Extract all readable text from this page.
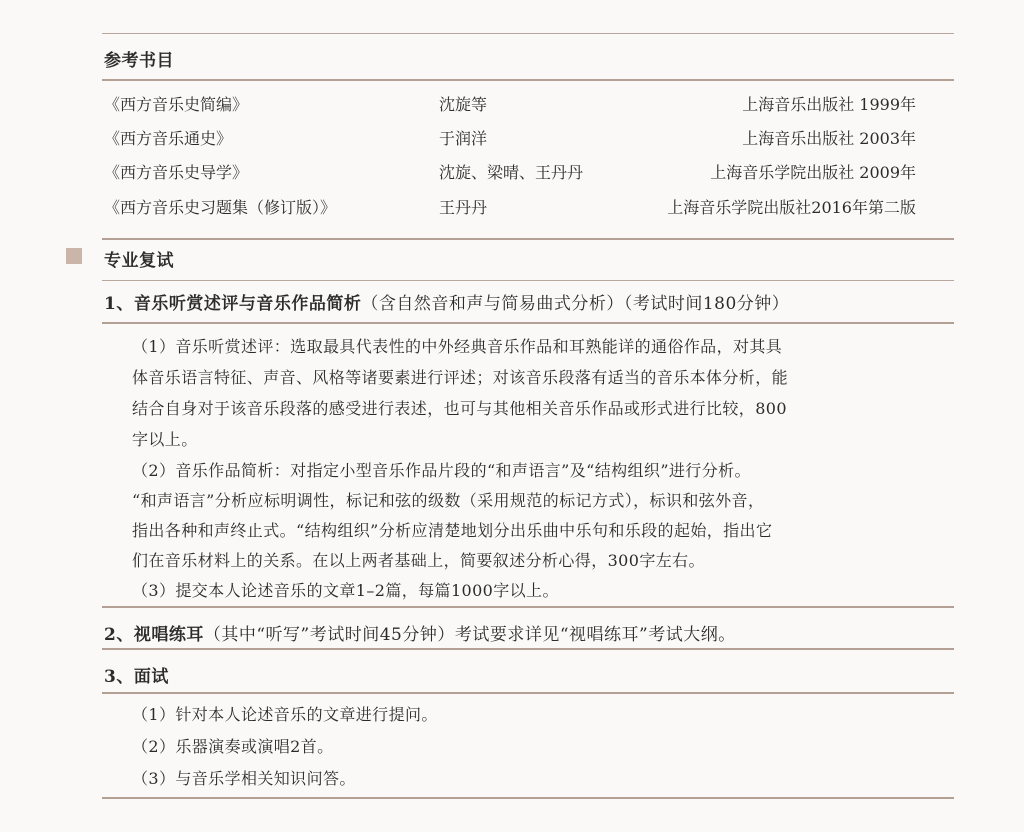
参考书目
《西方音乐史简编》	沈旋等	上海音乐出版社 1999年
《西方音乐通史》	于润洋	上海音乐出版社 2003年
《西方音乐史导学》	沈旋、梁晴、王丹丹	上海音乐学院出版社 2009年
《西方音乐史习题集（修订版）》	王丹丹	上海音乐学院出版社2016年第二版
专业复试
1、音乐听赏述评与音乐作品简析（含自然音和声与简易曲式分析）（考试时间180分钟）
（1）音乐听赏述评：选取最具代表性的中外经典音乐作品和耳熟能详的通俗作品，对其具
体音乐语言特征、声音、风格等诸要素进行评述；对该音乐段落有适当的音乐本体分析，能
结合自身对于该音乐段落的感受进行表述，也可与其他相关音乐作品或形式进行比较，800
字以上。
（2）音乐作品简析：对指定小型音乐作品片段的“和声语言”及“结构组织”进行分析。
“和声语言”分析应标明调性，标记和弦的级数（采用规范的标记方式），标识和弦外音，
指出各种和声终止式。“结构组织”分析应清楚地划分出乐曲中乐句和乐段的起始，指出它
们在音乐材料上的关系。在以上两者基础上，简要叙述分析心得，300字左右。
（3）提交本人论述音乐的文章1–2篇，每篇1000字以上。
2、视唱练耳（其中“听写”考试时间45分钟）考试要求详见“视唱练耳”考试大纲。
3、面试
（1）针对本人论述音乐的文章进行提问。
（2）乐器演奏或演唱2首。
（3）与音乐学相关知识问答。
